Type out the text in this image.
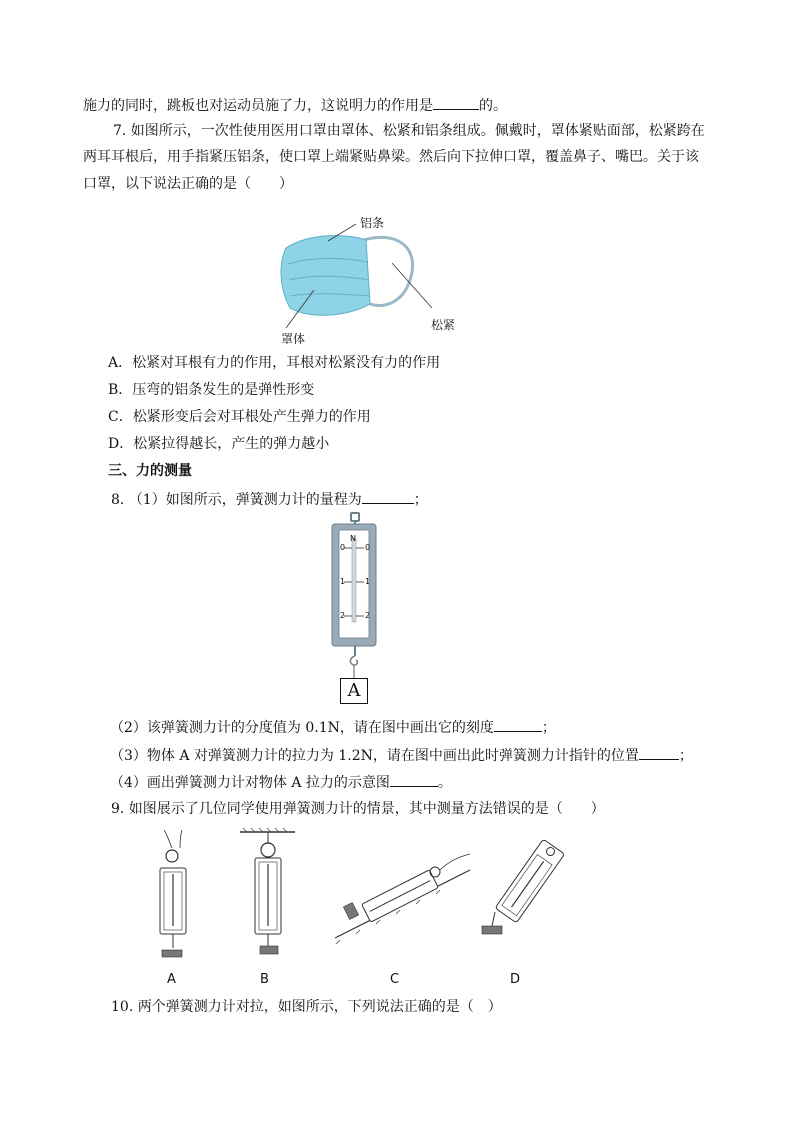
施力的同时，跳板也对运动员施了力，这说明力的作用是	的。
7. 如图所示，一次性使用医用口罩由罩体、松紧和铝条组成。佩戴时，罩体紧贴面部，松紧跨在
两耳耳根后，用手指紧压铝条，使口罩上端紧贴鼻梁。然后向下拉伸口罩，覆盖鼻子、嘴巴。关于该
口罩，以下说法正确的是（　　）
铝条
松紧
罩体
A．松紧对耳根有力的作用，耳根对松紧没有力的作用
B．压弯的铝条发生的是弹性形变
C．松紧形变后会对耳根处产生弹力的作用
D．松紧拉得越长，产生的弹力越小
三、力的测量
8. （1）如图所示，弹簧测力计的量程为	；
N
0 0
1 1
2 2
A
（2）该弹簧测力计的分度值为 0.1N，请在图中画出它的刻度	；
（3）物体 A 对弹簧测力计的拉力为 1.2N，请在图中画出此时弹簧测力计指针的位置	；
（4）画出弹簧测力计对物体 A 拉力的示意图	。
9. 如图展示了几位同学使用弹簧测力计的情景，其中测量方法错误的是（　　）
A	B	C	D
10. 两个弹簧测力计对拉，如图所示，下列说法正确的是（　）
